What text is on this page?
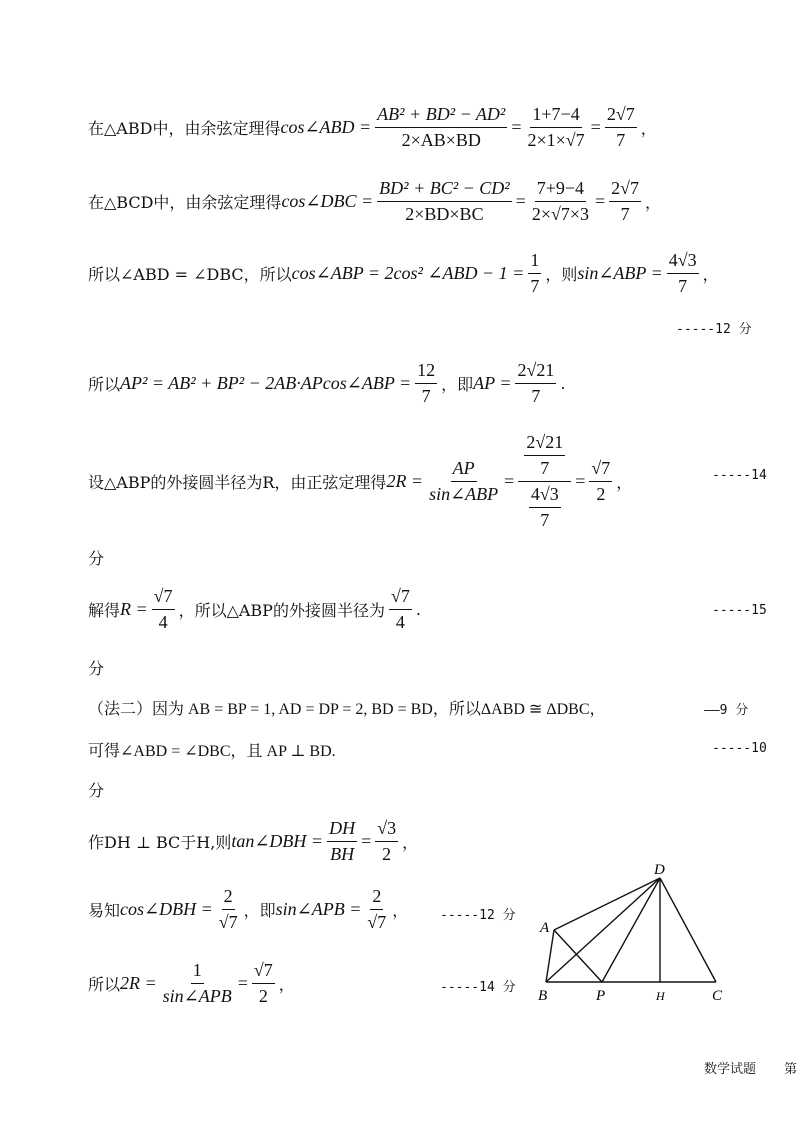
在△ABD中，由余弦定理得 cos∠ABD = $\frac{\text{AB² + BD² − AD²}}{2\times AB\times BD} = \frac{1+7-4}{2\times 1\times√7} = \frac{2√7}{7}$ ，
在△BCD中，由余弦定理得 cos∠DBC = $\frac{\text{BD² + BC² − CD²}}{2\times BD\times BC} = \frac{7+9-4}{2\times√7\times 3} = \frac{2√7}{7}$ ，
所以∠ABD = ∠DBC，所以 cos∠ABP = 2cos² ∠ABD − $1 = \frac{1}{7}$ ，则 sin∠ABP = $\frac{4√3}{7}$ ，
-----12 分
所以 AP² = AB² + BP² − 2AB·APcos∠ABP = $\frac{12}{7}$ ，即 AP = $\frac{2√21}{7}$ .
设△ABP的外接圆半径为R，由正弦定理得 $2R = \frac{AP}{\text{sin∠ABP}} = \frac{\frac{2√21}{7}}{\frac{4√3}{7}} = \frac{√7}{2}$ ，	-----14
分
解得 $R = \frac{√7}{4}$ ，所以△ABP的外接圆半径为 $\frac{√7}{4}$ .	-----15
分
（法二）因为 AB = BP = 1, AD = DP = 2, BD = BD，所以ΔABD ≅ ΔDBC，	——9 分
可得∠ABD = ∠DBC，且 AP ⊥ BD.	-----10
分
作DH ⊥ BC于H,则 tan∠DBH = $\frac{DH}{BH} = \frac{√3}{2}$ ，
易知 cos∠DBH = $\frac{2}{√7}$ ，即 sin∠APB = $\frac{2}{√7}$ ， -----12 分
所以 $2R = \frac{1}{\text{sin∠APB}} = \frac{√7}{2}$ ，	-----14 分
D
A
B	P	H	C
数学试题 第
